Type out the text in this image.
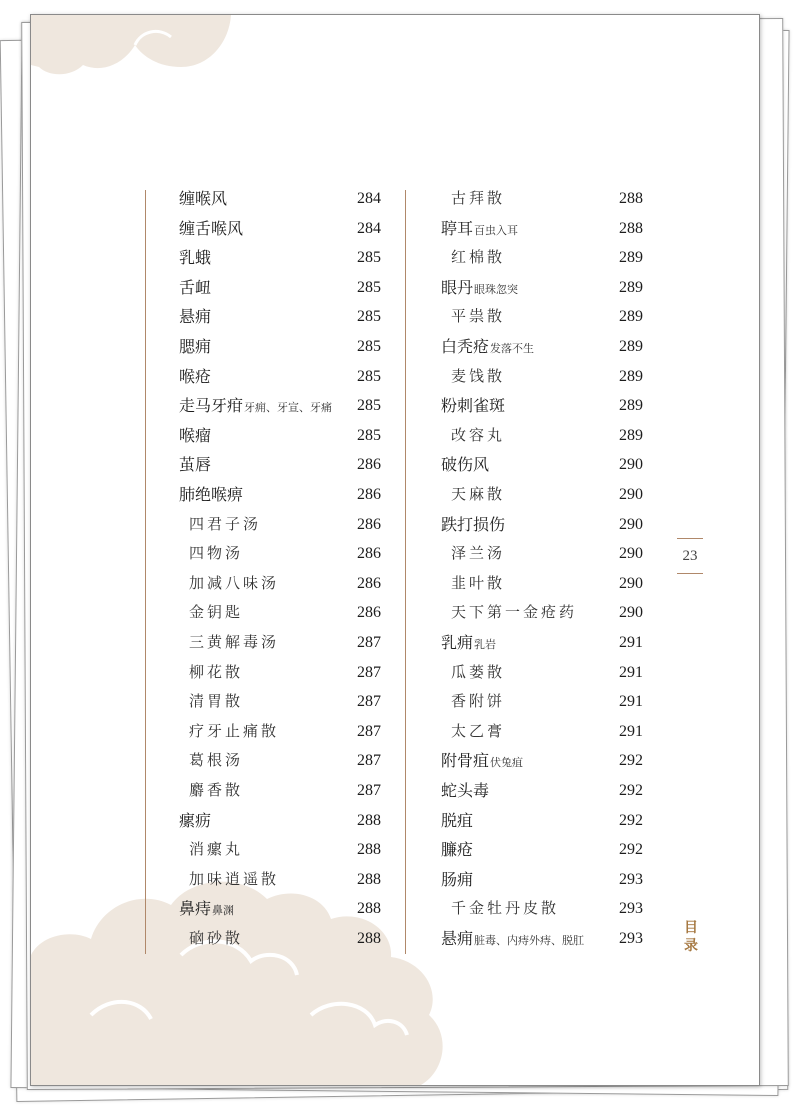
缠喉风	284
缠舌喉风	284
乳蛾	285
舌衄	285
悬痈	285
腮痈	285
喉疮	285
走马牙疳 牙痈、牙宣、牙痛 285
喉瘤	285
茧唇	286
肺绝喉痹	286
四君子汤	286
四物汤	286
加减八味汤	286
金钥匙	286
三黄解毒汤	287
柳花散	287
清胃散	287
疗牙止痛散	287
葛根汤	287
麝香散	287
瘰疬	288
消瘰丸	288
加味逍遥散	288
鼻痔 鼻渊	288
硇砂散	288
古拜散	288
聤耳 百虫入耳	288
红棉散	289
眼丹 眼珠忽突	289
平祟散	289
白秃疮 发落不生	289
麦饯散	289
粉刺雀斑	289
改容丸	289
破伤风	290
天麻散	290
跌打损伤	290
泽兰汤	290
韭叶散	290
天下第一金疮药	290
乳痈 乳岩	291
瓜蒌散	291
香附饼	291
太乙膏	291
附骨疽 伏兔疽	292
蛇头毒	292
脱疽	292
臁疮	292
肠痈	293
千金牡丹皮散	293
悬痈 脏毒、内痔外痔、脱肛 293
23
目录
